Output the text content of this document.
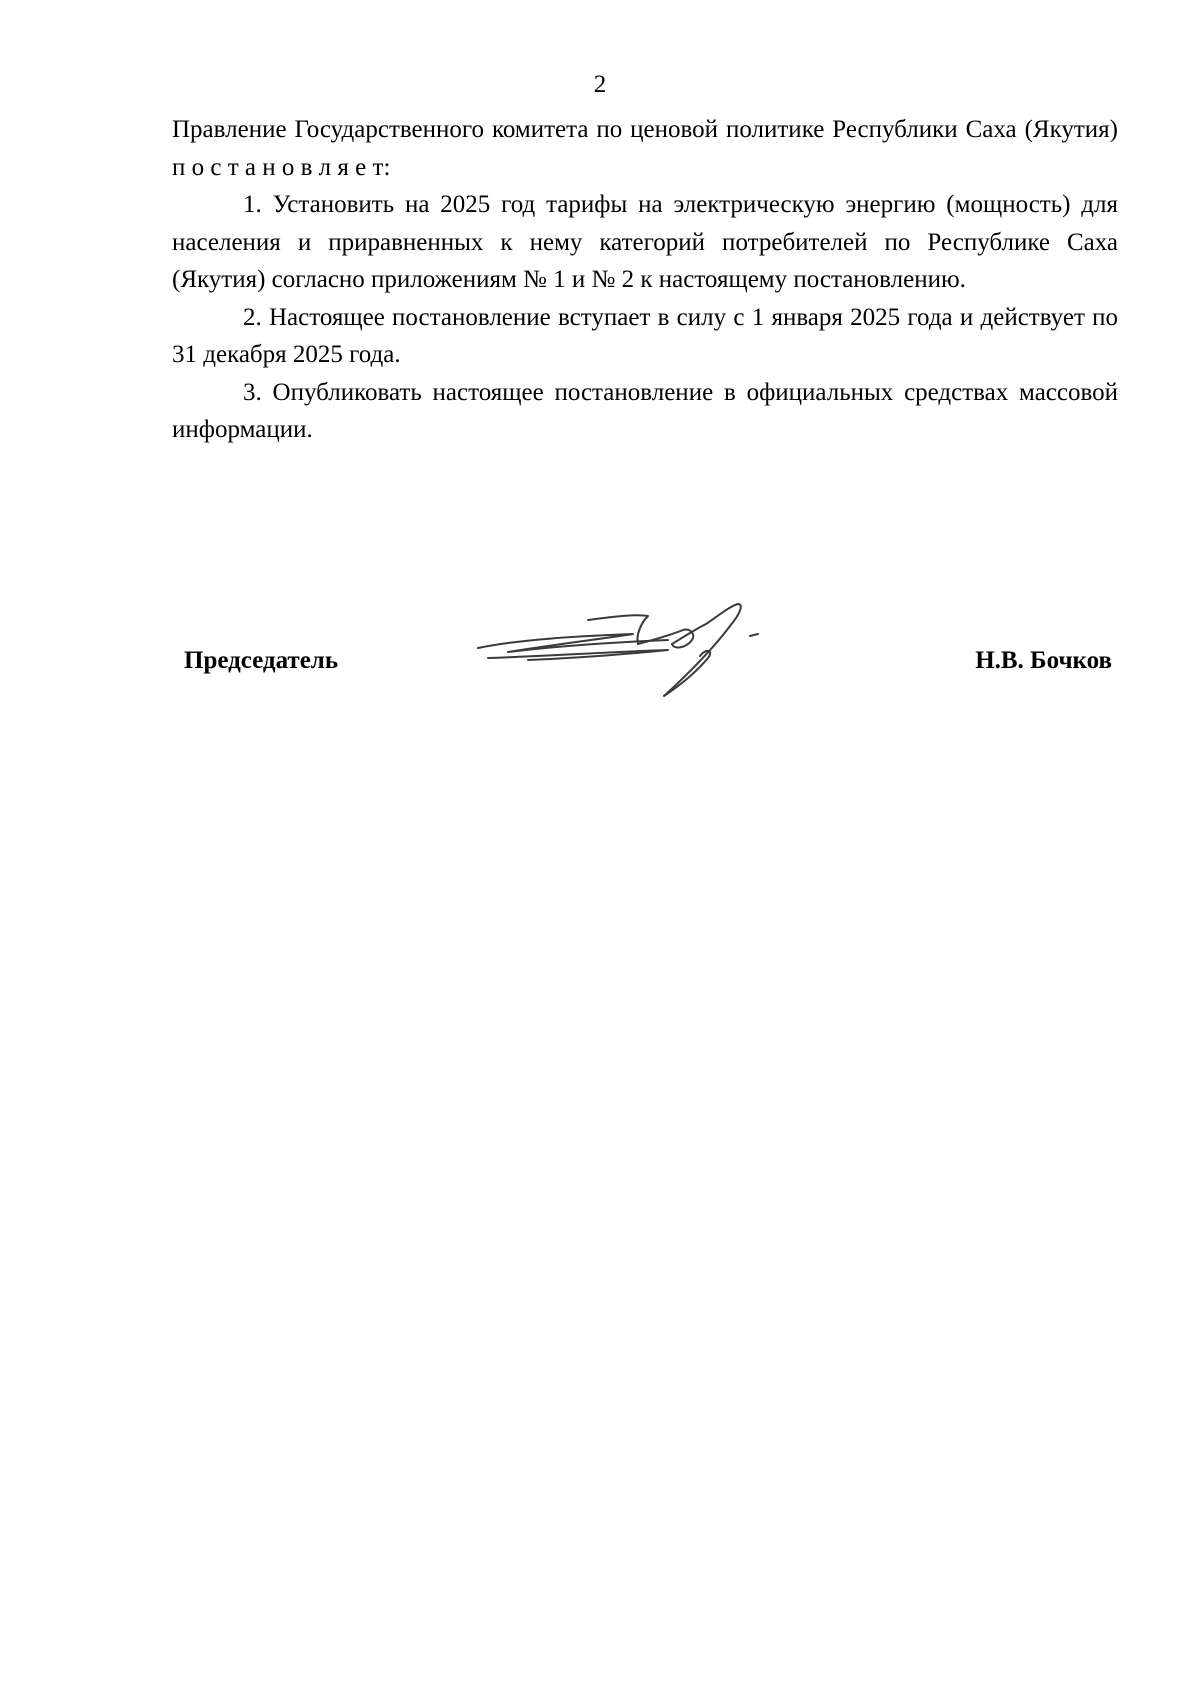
2

Правление Государственного комитета по ценовой политике Республики Саха (Якутия) п о с т а н о в л я е т:

1. Установить на 2025 год тарифы на электрическую энергию (мощность) для населения и приравненных к нему категорий потребителей по Республике Саха (Якутия) согласно приложениям № 1 и № 2 к настоящему постановлению.

2. Настоящее постановление вступает в силу с 1 января 2025 года и действует по 31 декабря 2025 года.

3. Опубликовать настоящее постановление в официальных средствах массовой информации.

Председатель	Н.В. Бочков
